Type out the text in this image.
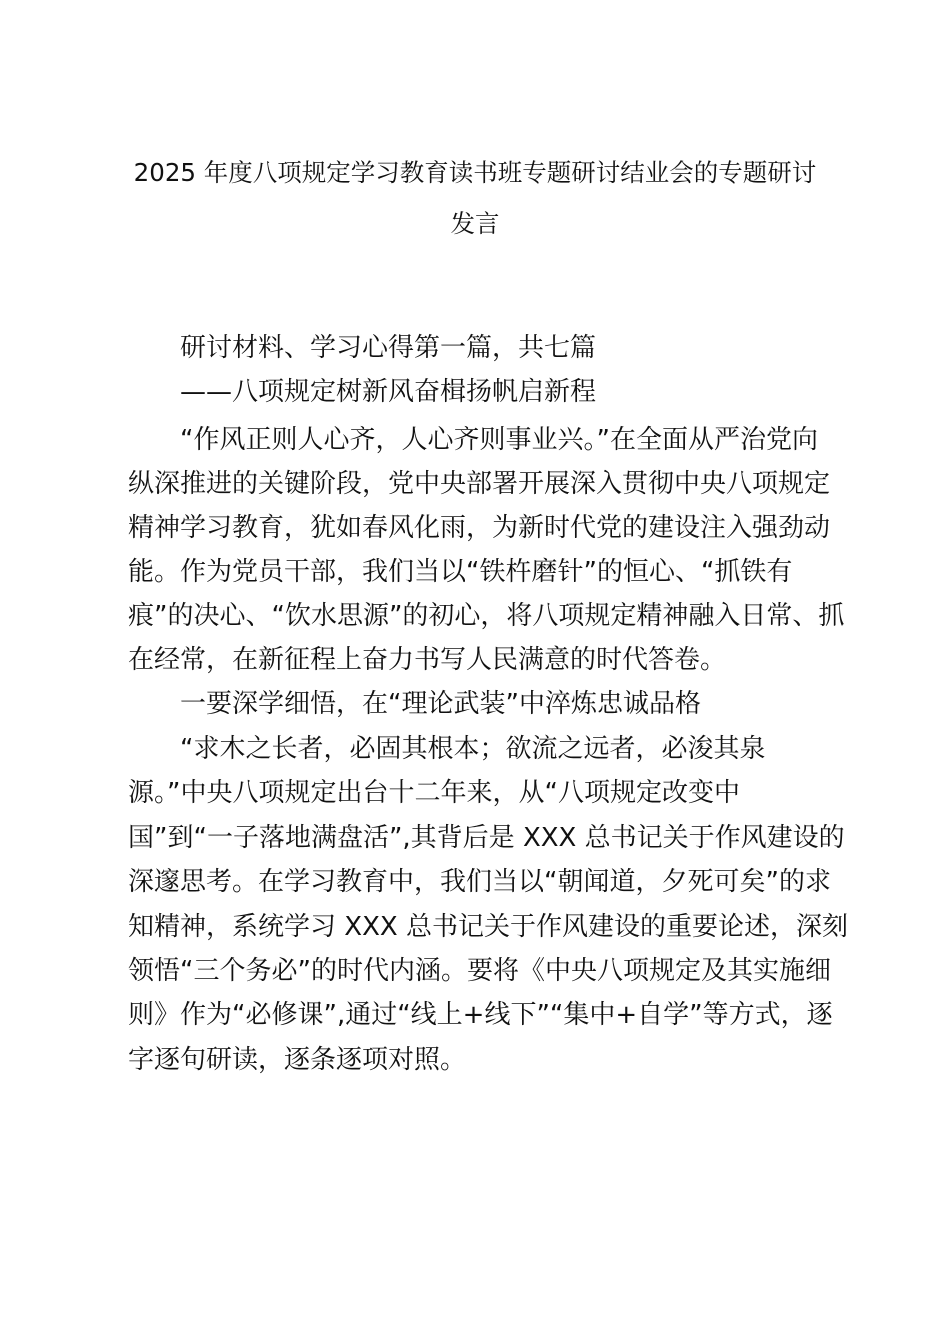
2025 年度八项规定学习教育读书班专题研讨结业会的专题研讨
发言
研讨材料、学习心得第一篇，共七篇
——八项规定树新风奋楫扬帆启新程
“作风正则人心齐，人心齐则事业兴。”在全面从严治党向
纵深推进的关键阶段，党中央部署开展深入贯彻中央八项规定
精神学习教育，犹如春风化雨，为新时代党的建设注入强劲动
能。作为党员干部，我们当以“铁杵磨针”的恒心、“抓铁有
痕”的决心、“饮水思源”的初心，将八项规定精神融入日常、抓
在经常，在新征程上奋力书写人民满意的时代答卷。
一要深学细悟，在“理论武装”中淬炼忠诚品格
“求木之长者，必固其根本；欲流之远者，必浚其泉
源。”中央八项规定出台十二年来，从“八项规定改变中
国”到“一子落地满盘活”,其背后是 XXX 总书记关于作风建设的
深邃思考。在学习教育中，我们当以“朝闻道，夕死可矣”的求
知精神，系统学习 XXX 总书记关于作风建设的重要论述，深刻
领悟“三个务必”的时代内涵。要将《中央八项规定及其实施细
则》作为“必修课”,通过“线上+线下”“集中+自学”等方式，逐
字逐句研读，逐条逐项对照。
